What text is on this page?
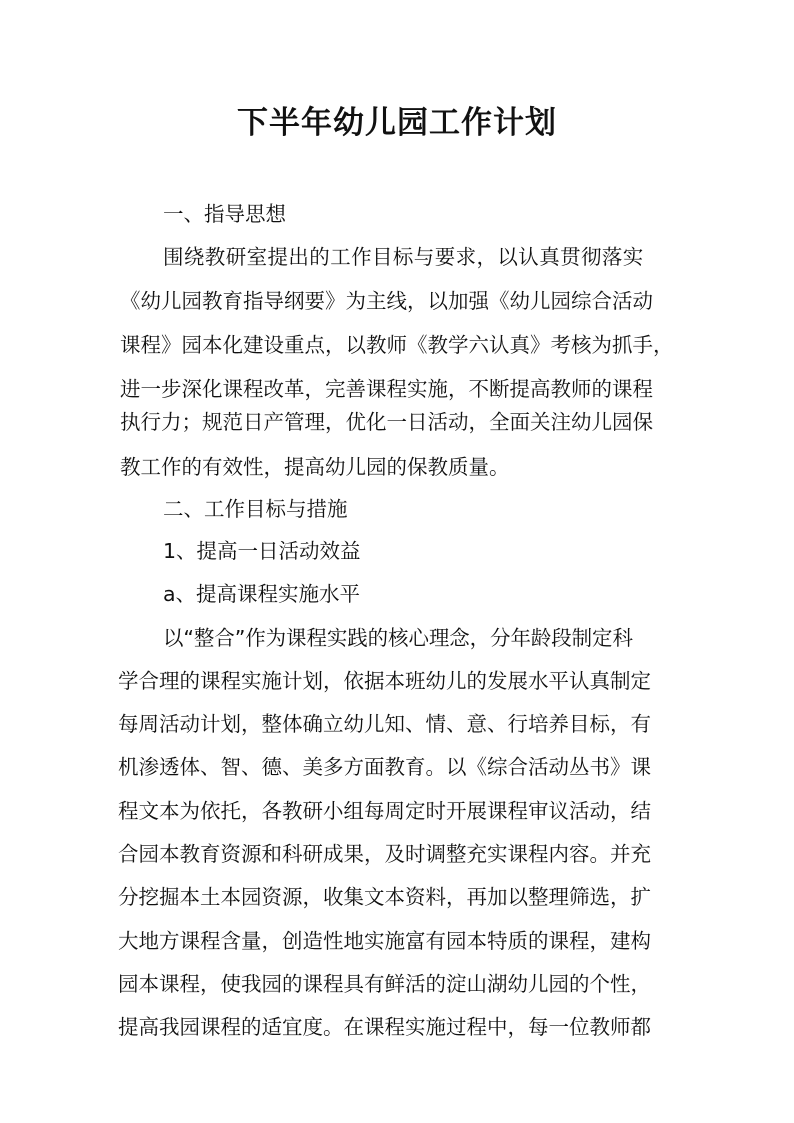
下半年幼儿园工作计划
一、指导思想
围绕教研室提出的工作目标与要求，以认真贯彻落实
《幼儿园教育指导纲要》为主线，以加强《幼儿园综合活动
课程》园本化建设重点，以教师《教学六认真》考核为抓手，
进一步深化课程改革，完善课程实施，不断提高教师的课程
执行力；规范日产管理，优化一日活动，全面关注幼儿园保
教工作的有效性，提高幼儿园的保教质量。
二、工作目标与措施
1、提高一日活动效益
a、提高课程实施水平
以“整合”作为课程实践的核心理念，分年龄段制定科
学合理的课程实施计划，依据本班幼儿的发展水平认真制定
每周活动计划，整体确立幼儿知、情、意、行培养目标，有
机渗透体、智、德、美多方面教育。以《综合活动丛书》课
程文本为依托，各教研小组每周定时开展课程审议活动，结
合园本教育资源和科研成果，及时调整充实课程内容。并充
分挖掘本土本园资源，收集文本资料，再加以整理筛选，扩
大地方课程含量，创造性地实施富有园本特质的课程，建构
园本课程，使我园的课程具有鲜活的淀山湖幼儿园的个性，
提高我园课程的适宜度。在课程实施过程中，每一位教师都
